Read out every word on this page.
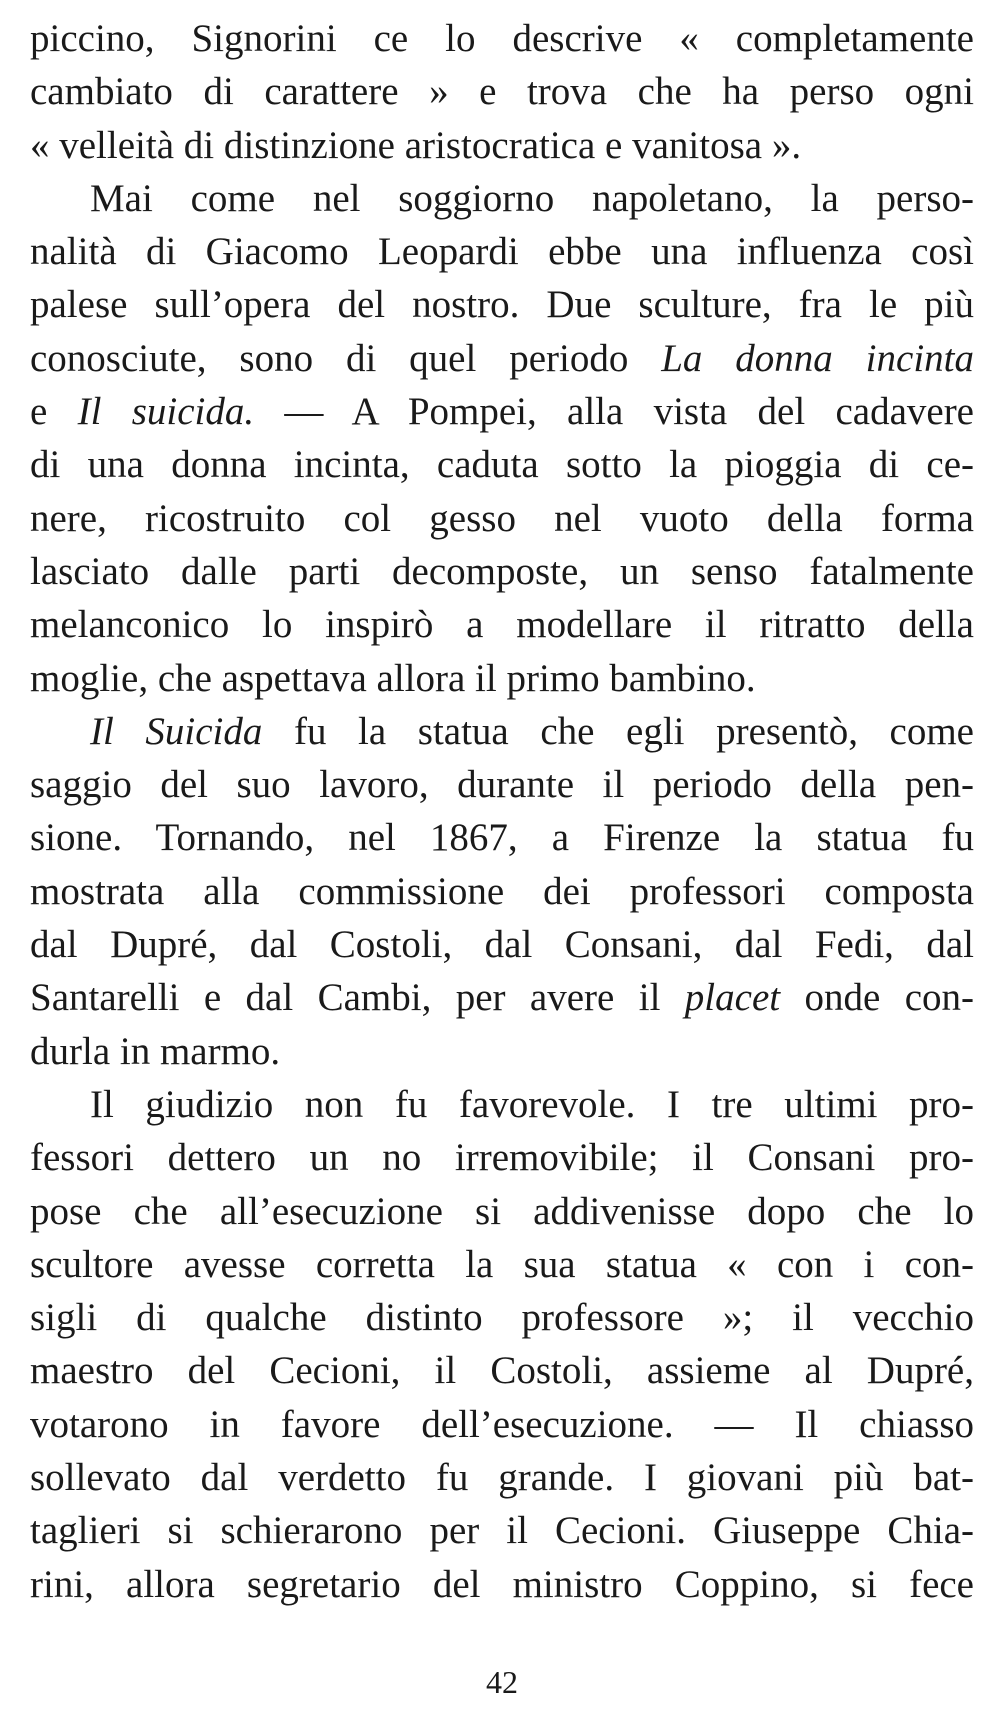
piccino, Signorini ce lo descrive « completamente
cambiato di carattere » e trova che ha perso ogni
« velleità di distinzione aristocratica e vanitosa ».
Mai come nel soggiorno napoletano, la perso-
nalità di Giacomo Leopardi ebbe una influenza così
palese sull’opera del nostro. Due sculture, fra le più
conosciute, sono di quel periodo La donna incinta
e Il suicida. — A Pompei, alla vista del cadavere
di una donna incinta, caduta sotto la pioggia di ce-
nere, ricostruito col gesso nel vuoto della forma
lasciato dalle parti decomposte, un senso fatalmente
melanconico lo inspirò a modellare il ritratto della
moglie, che aspettava allora il primo bambino.
Il Suicida fu la statua che egli presentò, come
saggio del suo lavoro, durante il periodo della pen-
sione. Tornando, nel 1867, a Firenze la statua fu
mostrata alla commissione dei professori composta
dal Dupré, dal Costoli, dal Consani, dal Fedi, dal
Santarelli e dal Cambi, per avere il placet onde con-
durla in marmo.
Il giudizio non fu favorevole. I tre ultimi pro-
fessori dettero un no irremovibile; il Consani pro-
pose che all’esecuzione si addivenisse dopo che lo
scultore avesse corretta la sua statua « con i con-
sigli di qualche distinto professore »; il vecchio
maestro del Cecioni, il Costoli, assieme al Dupré,
votarono in favore dell’esecuzione. — Il chiasso
sollevato dal verdetto fu grande. I giovani più bat-
taglieri si schierarono per il Cecioni. Giuseppe Chia-
rini, allora segretario del ministro Coppino, si fece
42
